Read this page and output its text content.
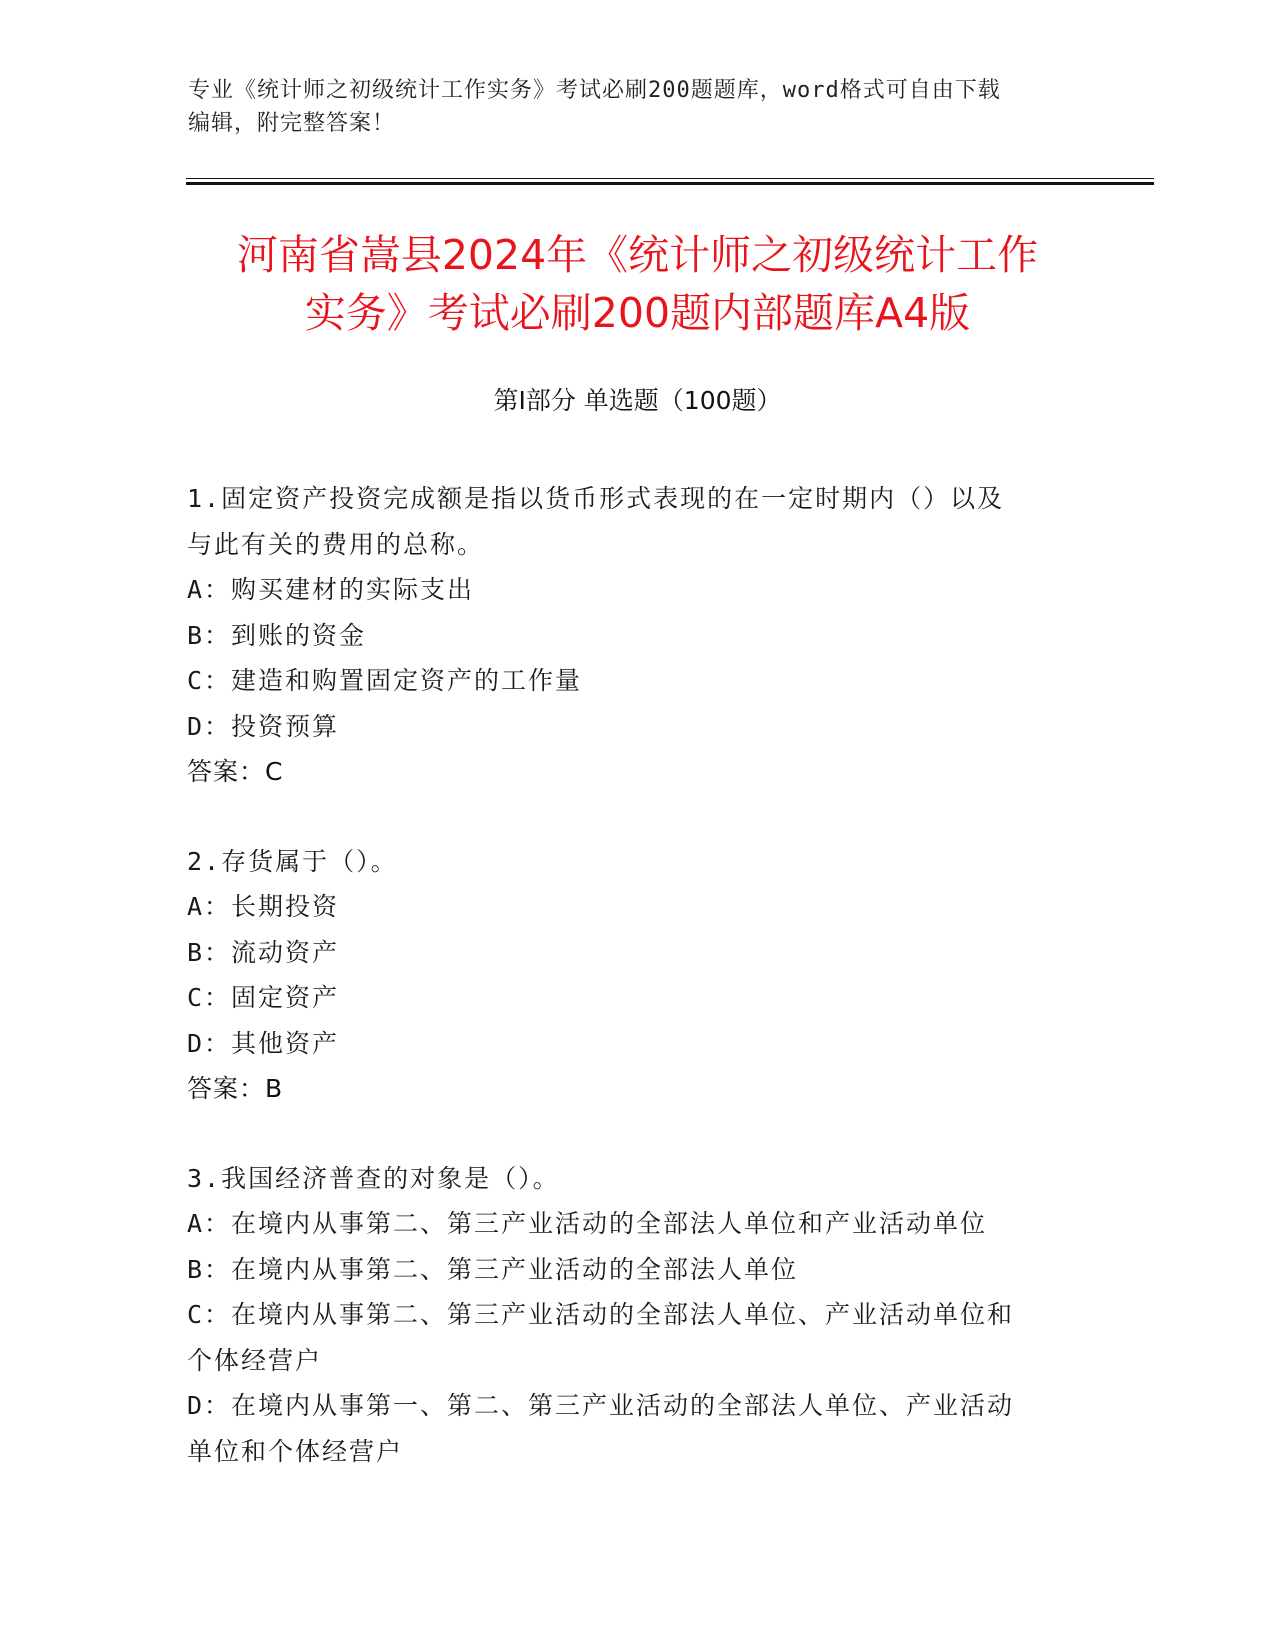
专业《统计师之初级统计工作实务》考试必刷200题题库，word格式可自由下载
编辑，附完整答案！
河南省嵩县2024年《统计师之初级统计工作
实务》考试必刷200题内部题库A4版
第Ⅰ部分 单选题（100题）

1.固定资产投资完成额是指以货币形式表现的在一定时期内（）以及

与此有关的费用的总称。

A：购买建材的实际支出

B：到账的资金

C：建造和购置固定资产的工作量

D：投资预算

答案：C

2.存货属于（）。

A：长期投资

B：流动资产

C：固定资产

D：其他资产

答案：B

3.我国经济普查的对象是（）。

A：在境内从事第二、第三产业活动的全部法人单位和产业活动单位

B：在境内从事第二、第三产业活动的全部法人单位

C：在境内从事第二、第三产业活动的全部法人单位、产业活动单位和

个体经营户

D：在境内从事第一、第二、第三产业活动的全部法人单位、产业活动

单位和个体经营户
